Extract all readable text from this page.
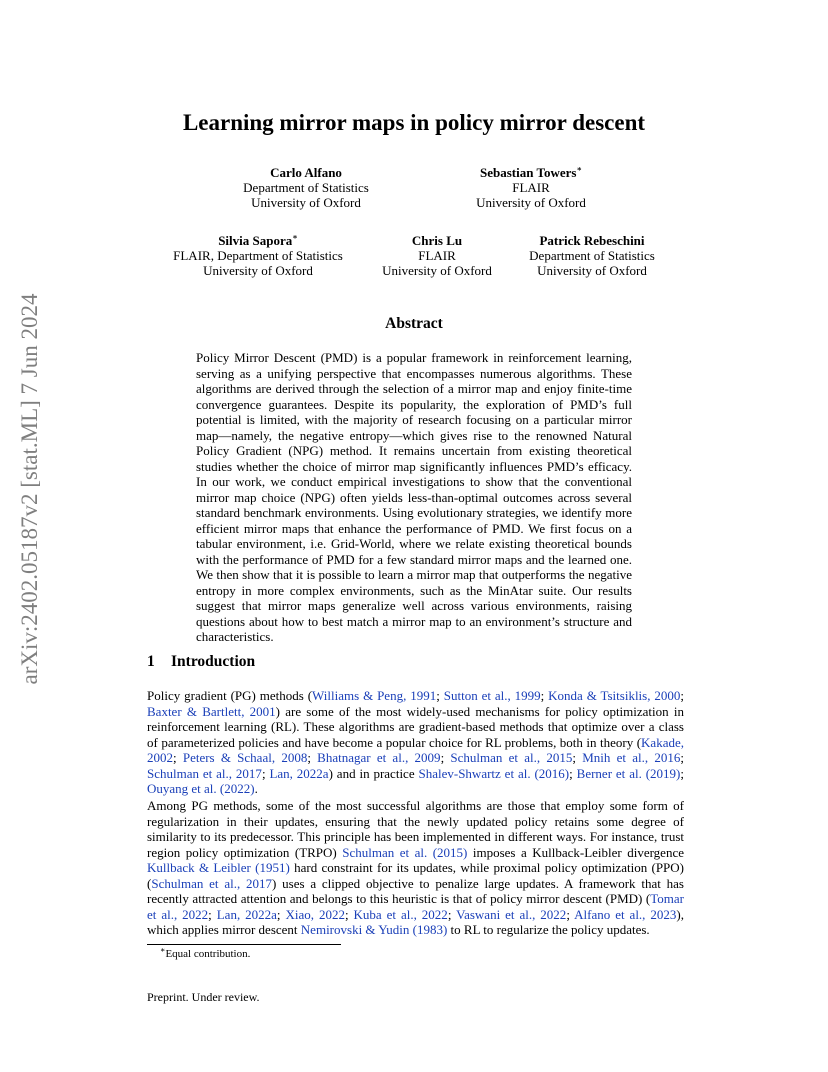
arXiv:2402.05187v2 [stat.ML] 7 Jun 2024
Learning mirror maps in policy mirror descent
Carlo Alfano
Department of Statistics
University of Oxford
Sebastian Towers∗
FLAIR
University of Oxford
Silvia Sapora∗
FLAIR, Department of Statistics
University of Oxford
Chris Lu
FLAIR
University of Oxford
Patrick Rebeschini
Department of Statistics
University of Oxford
Abstract
Policy Mirror Descent (PMD) is a popular framework in reinforcement learning, serving as a unifying perspective that encompasses numerous algorithms. These algorithms are derived through the selection of a mirror map and enjoy finite-time convergence guarantees. Despite its popularity, the exploration of PMD’s full potential is limited, with the majority of research focusing on a particular mirror map—namely, the negative entropy—which gives rise to the renowned Natural Policy Gradient (NPG) method. It remains uncertain from existing theoretical studies whether the choice of mirror map significantly influences PMD’s efficacy. In our work, we conduct empirical investigations to show that the conventional mirror map choice (NPG) often yields less-than-optimal outcomes across several standard benchmark environments. Using evolutionary strategies, we identify more efficient mirror maps that enhance the performance of PMD. We first focus on a tabular environment, i.e. Grid-World, where we relate existing theoretical bounds with the performance of PMD for a few standard mirror maps and the learned one. We then show that it is possible to learn a mirror map that outperforms the negative entropy in more complex environments, such as the MinAtar suite. Our results suggest that mirror maps generalize well across various environments, raising questions about how to best match a mirror map to an environment’s structure and characteristics.
1 Introduction
Policy gradient (PG) methods (Williams & Peng, 1991; Sutton et al., 1999; Konda & Tsitsiklis, 2000; Baxter & Bartlett, 2001) are some of the most widely-used mechanisms for policy optimization in reinforcement learning (RL). These algorithms are gradient-based methods that optimize over a class of parameterized policies and have become a popular choice for RL problems, both in theory (Kakade, 2002; Peters & Schaal, 2008; Bhatnagar et al., 2009; Schulman et al., 2015; Mnih et al., 2016; Schulman et al., 2017; Lan, 2022a) and in practice Shalev-Shwartz et al. (2016); Berner et al. (2019); Ouyang et al. (2022).
Among PG methods, some of the most successful algorithms are those that employ some form of regularization in their updates, ensuring that the newly updated policy retains some degree of similarity to its predecessor. This principle has been implemented in different ways. For instance, trust region policy optimization (TRPO) Schulman et al. (2015) imposes a Kullback-Leibler divergence Kullback & Leibler (1951) hard constraint for its updates, while proximal policy optimization (PPO) (Schulman et al., 2017) uses a clipped objective to penalize large updates. A framework that has recently attracted attention and belongs to this heuristic is that of policy mirror descent (PMD) (Tomar et al., 2022; Lan, 2022a; Xiao, 2022; Kuba et al., 2022; Vaswani et al., 2022; Alfano et al., 2023), which applies mirror descent Nemirovski & Yudin (1983) to RL to regularize the policy updates.
∗Equal contribution.
Preprint. Under review.
